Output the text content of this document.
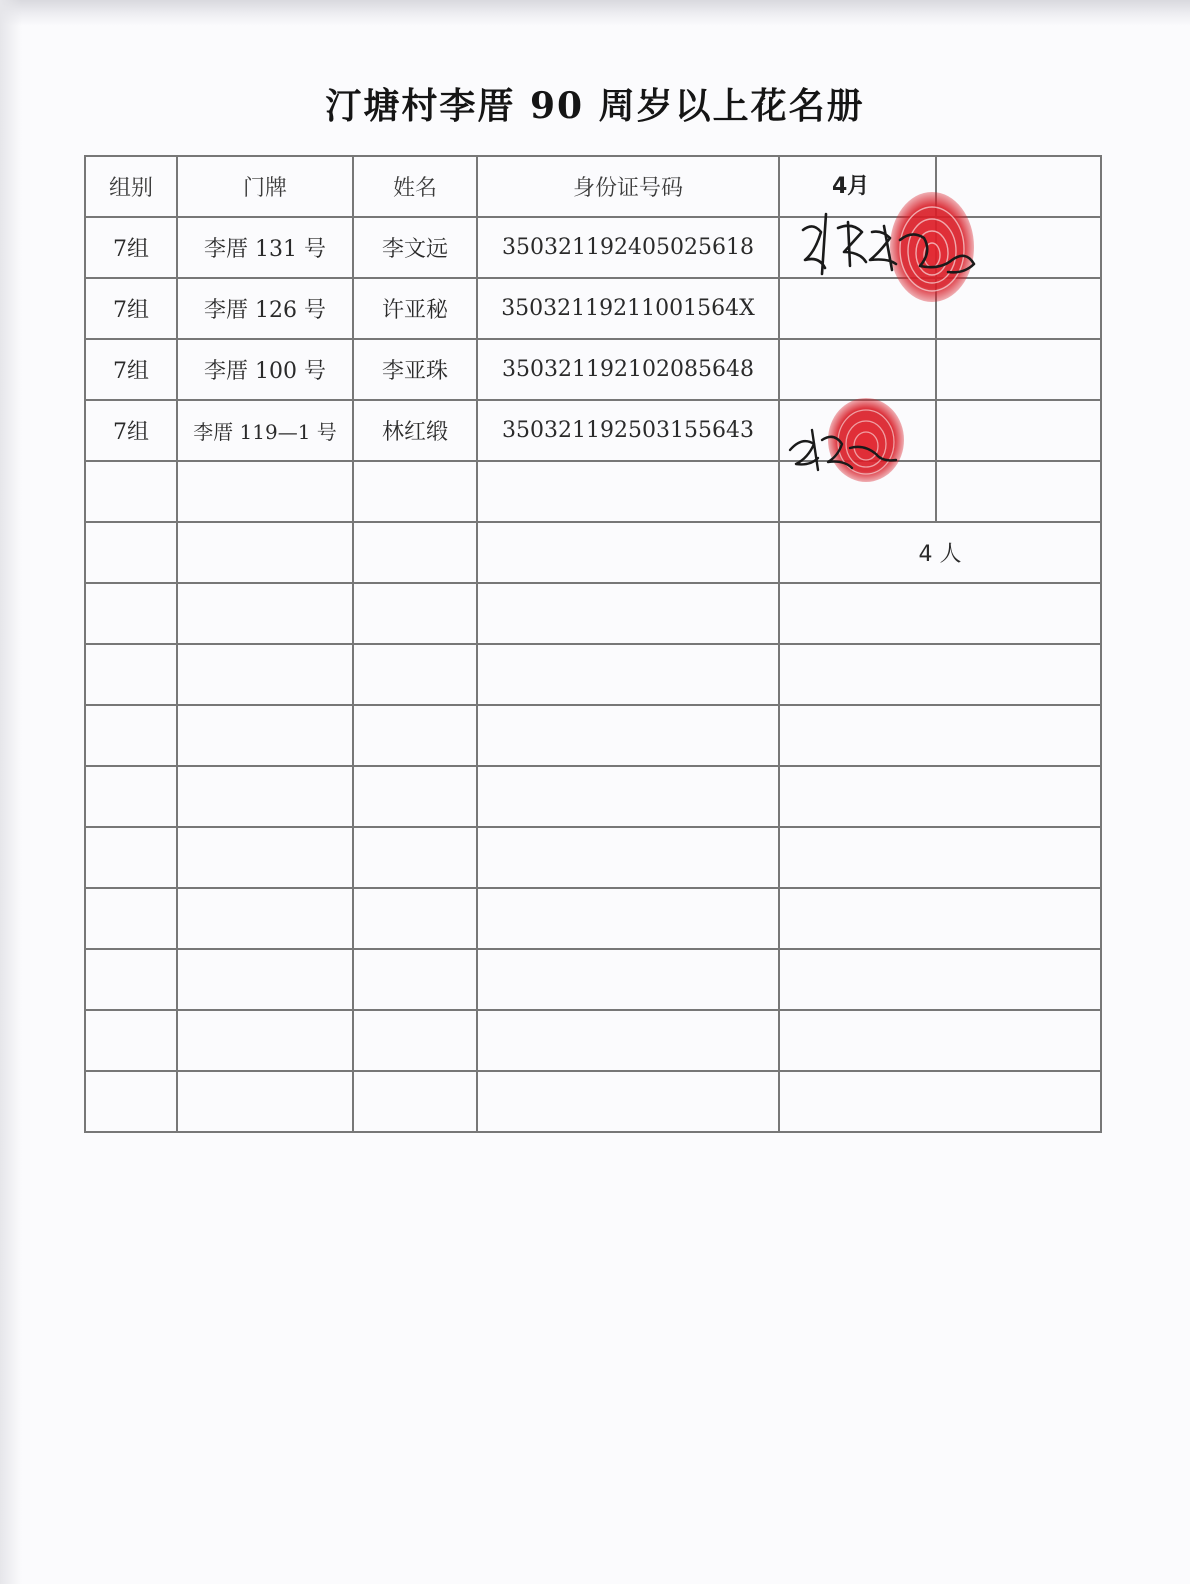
汀塘村李厝 90 周岁以上花名册
组别	门牌	姓名	身份证号码	4月	

7组	李厝 131 号	李文远	350321192405025618		
7组	李厝 126 号	许亚秘	35032119211001564X		
7组	李厝 100 号	李亚珠	350321192102085648		
7组	李厝 119—1 号	林红缎	350321192503155643		

				4 人	
